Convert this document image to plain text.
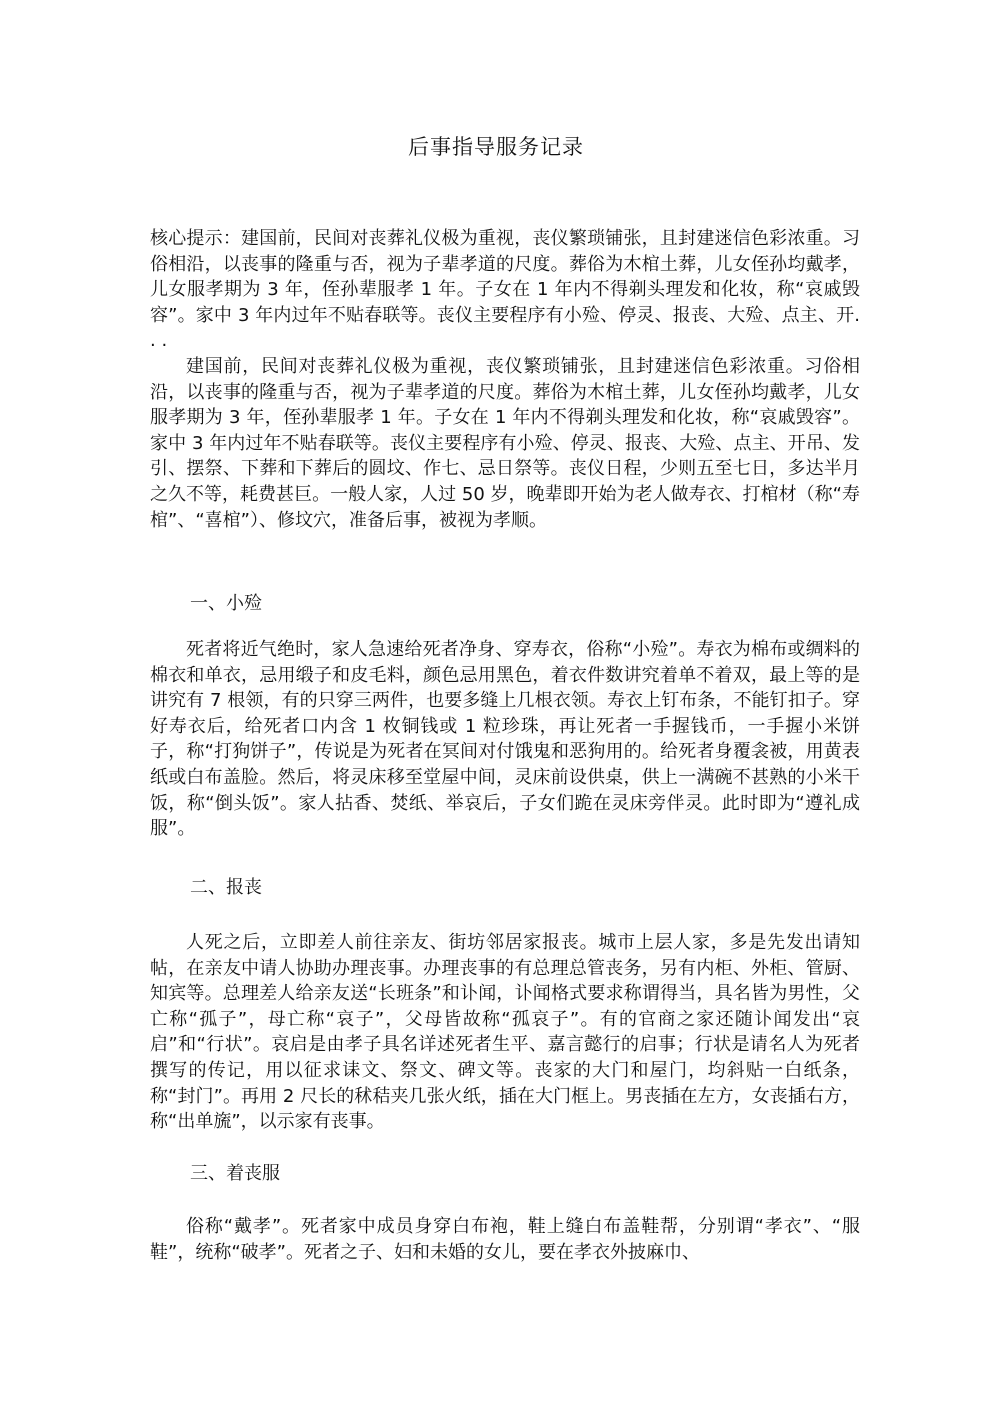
后事指导服务记录

核心提示：建国前，民间对丧葬礼仪极为重视，丧仪繁琐铺张，且封建迷信色彩浓重。习俗相沿，以丧事的隆重与否，视为子辈孝道的尺度。葬俗为木棺土葬，儿女侄孙均戴孝，儿女服孝期为 3 年，侄孙辈服孝 1 年。子女在 1 年内不得剃头理发和化妆，称“哀戚毁容”。家中 3 年内过年不贴春联等。丧仪主要程序有小殓、停灵、报丧、大殓、点主、开. . .

建国前，民间对丧葬礼仪极为重视，丧仪繁琐铺张，且封建迷信色彩浓重。习俗相沿，以丧事的隆重与否，视为子辈孝道的尺度。葬俗为木棺土葬，儿女侄孙均戴孝，儿女服孝期为 3 年，侄孙辈服孝 1 年。子女在 1 年内不得剃头理发和化妆，称“哀戚毁容”。家中 3 年内过年不贴春联等。丧仪主要程序有小殓、停灵、报丧、大殓、点主、开吊、发引、摆祭、下葬和下葬后的圆坟、作七、忌日祭等。丧仪日程，少则五至七日，多达半月之久不等，耗费甚巨。一般人家，人过 50 岁，晚辈即开始为老人做寿衣、打棺材（称“寿棺”、“喜棺”）、修坟穴，准备后事，被视为孝顺。

一、小殓

死者将近气绝时，家人急速给死者净身、穿寿衣，俗称“小殓”。寿衣为棉布或绸料的棉衣和单衣，忌用缎子和皮毛料，颜色忌用黑色，着衣件数讲究着单不着双，最上等的是讲究有 7 根领，有的只穿三两件，也要多缝上几根衣领。寿衣上钉布条，不能钉扣子。穿好寿衣后，给死者口内含 1 枚铜钱或 1 粒珍珠，再让死者一手握钱币，一手握小米饼子，称“打狗饼子”，传说是为死者在冥间对付饿鬼和恶狗用的。给死者身覆衾被，用黄表纸或白布盖脸。然后，将灵床移至堂屋中间，灵床前设供桌，供上一满碗不甚熟的小米干饭，称“倒头饭”。家人拈香、焚纸、举哀后，子女们跪在灵床旁伴灵。此时即为“遵礼成服”。

二、报丧

人死之后，立即差人前往亲友、街坊邻居家报丧。城市上层人家，多是先发出请知帖，在亲友中请人协助办理丧事。办理丧事的有总理总管丧务，另有内柜、外柜、管厨、知宾等。总理差人给亲友送“长班条”和讣闻，讣闻格式要求称谓得当，具名皆为男性，父亡称“孤子”，母亡称“哀子”，父母皆故称“孤哀子”。有的官商之家还随讣闻发出“哀启”和“行状”。哀启是由孝子具名详述死者生平、嘉言懿行的启事；行状是请名人为死者撰写的传记，用以征求诔文、祭文、碑文等。丧家的大门和屋门，均斜贴一白纸条，称“封门”。再用 2 尺长的秫秸夹几张火纸，插在大门框上。男丧插在左方，女丧插右方，称“出单旒”，以示家有丧事。

三、着丧服

俗称“戴孝”。死者家中成员身穿白布袍，鞋上缝白布盖鞋帮，分别谓“孝衣”、“服鞋”，统称“破孝”。死者之子、妇和未婚的女儿，要在孝衣外披麻巾、
